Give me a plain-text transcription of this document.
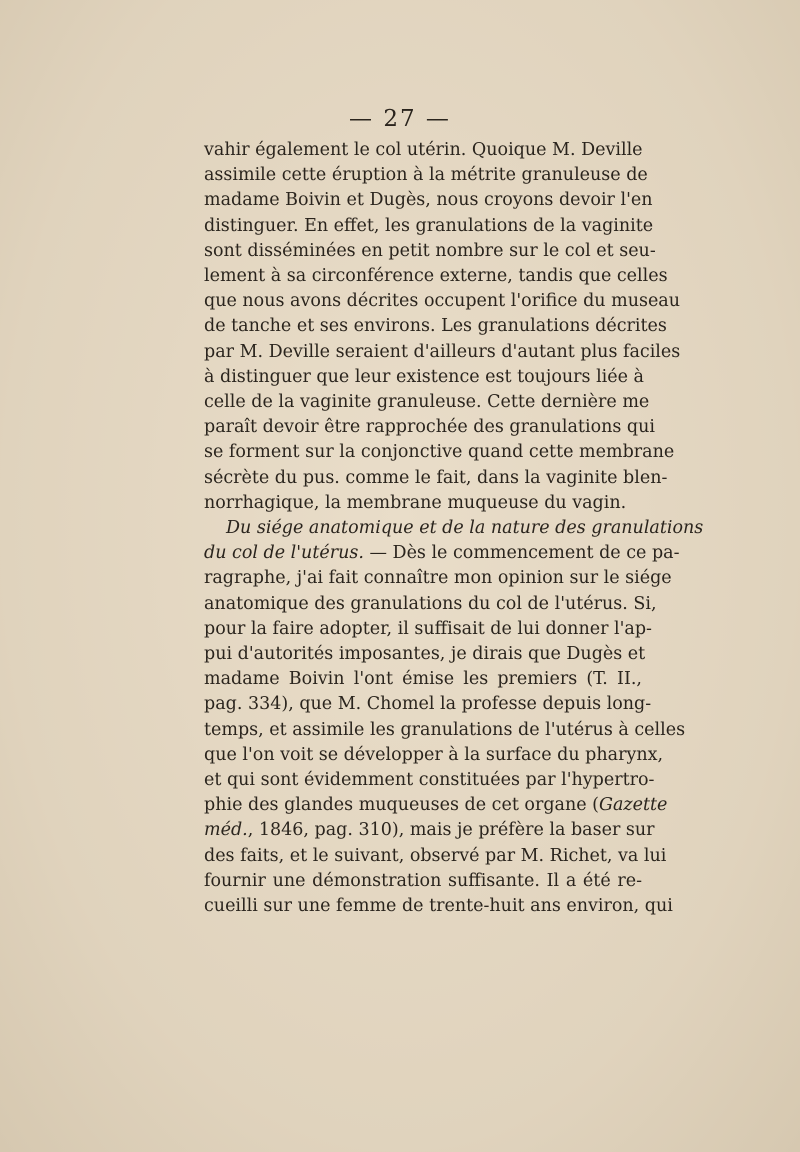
— 27 —
vahir également le col utérin. Quoique M. Deville
assimile cette éruption à la métrite granuleuse de
madame Boivin et Dugès, nous croyons devoir l'en
distinguer. En effet, les granulations de la vaginite
sont disséminées en petit nombre sur le col et seu-
lement à sa circonférence externe, tandis que celles
que nous avons décrites occupent l'orifice du museau
de tanche et ses environs. Les granulations décrites
par M. Deville seraient d'ailleurs d'autant plus faciles
à distinguer que leur existence est toujours liée à
celle de la vaginite granuleuse. Cette dernière me
paraît devoir être rapprochée des granulations qui
se forment sur la conjonctive quand cette membrane
sécrète du pus. comme le fait, dans la vaginite blen-
norrhagique, la membrane muqueuse du vagin.
Du siége anatomique et de la nature des granulations
du col de l'utérus. — Dès le commencement de ce pa-
ragraphe, j'ai fait connaître mon opinion sur le siége
anatomique des granulations du col de l'utérus. Si,
pour la faire adopter, il suffisait de lui donner l'ap-
pui d'autorités imposantes, je dirais que Dugès et
madame Boivin l'ont émise les premiers (T. II.,
pag. 334), que M. Chomel la professe depuis long-
temps, et assimile les granulations de l'utérus à celles
que l'on voit se développer à la surface du pharynx,
et qui sont évidemment constituées par l'hypertro-
phie des glandes muqueuses de cet organe (Gazette
méd., 1846, pag. 310), mais je préfère la baser sur
des faits, et le suivant, observé par M. Richet, va lui
fournir une démonstration suffisante. Il a été re-
cueilli sur une femme de trente-huit ans environ, qui
